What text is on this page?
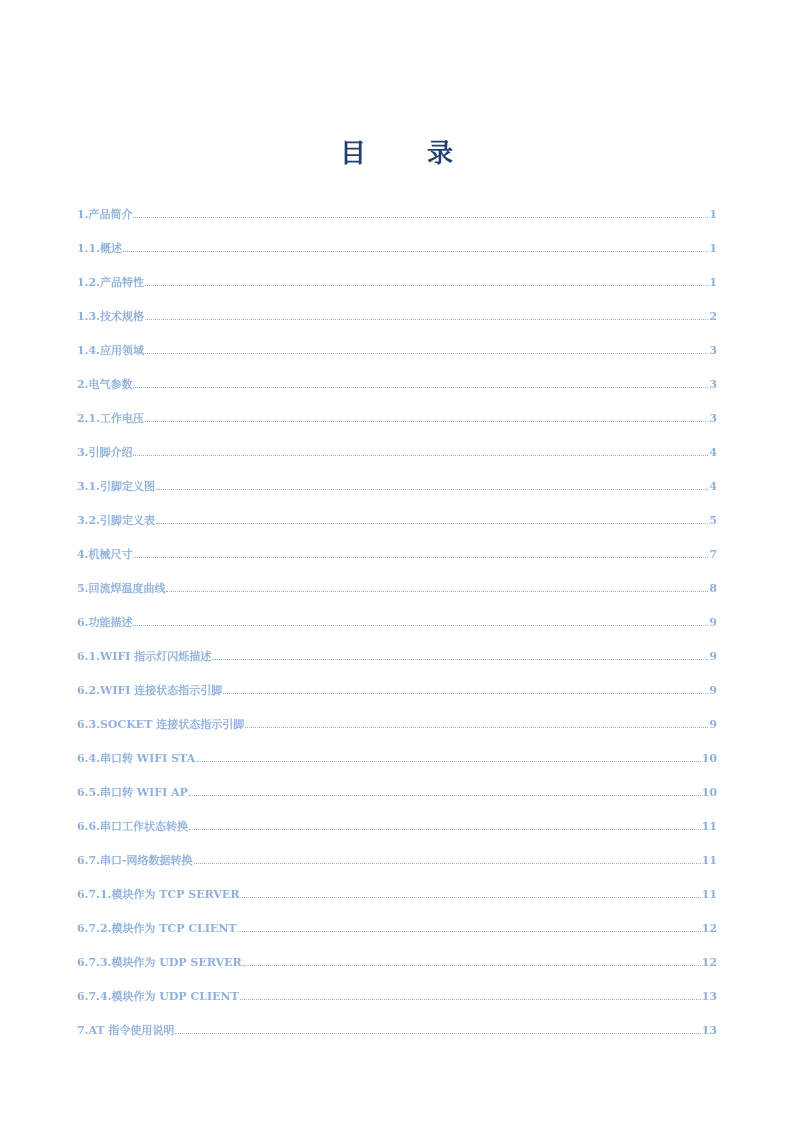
目 录
1. 产品简介	1
1.1. 概述	1
1.2. 产品特性	1
1.3. 技术规格	2
1.4. 应用领域	3
2. 电气参数	3
2.1. 工作电压	3
3. 引脚介绍	4
3.1. 引脚定义图	4
3.2. 引脚定义表	5
4. 机械尺寸	7
5. 回流焊温度曲线	8
6. 功能描述	9
6.1. WIFI 指示灯闪烁描述	9
6.2. WIFI 连接状态指示引脚	9
6.3. SOCKET 连接状态指示引脚	9
6.4. 串口转 WIFI STA	10
6.5. 串口转 WIFI AP	10
6.6. 串口工作状态转换	11
6.7. 串口-网络数据转换	11
6.7.1. 模块作为 TCP SERVER	11
6.7.2. 模块作为 TCP CLIENT	12
6.7.3. 模块作为 UDP SERVER	12
6.7.4. 模块作为 UDP CLIENT	13
7. AT 指令使用说明	13
